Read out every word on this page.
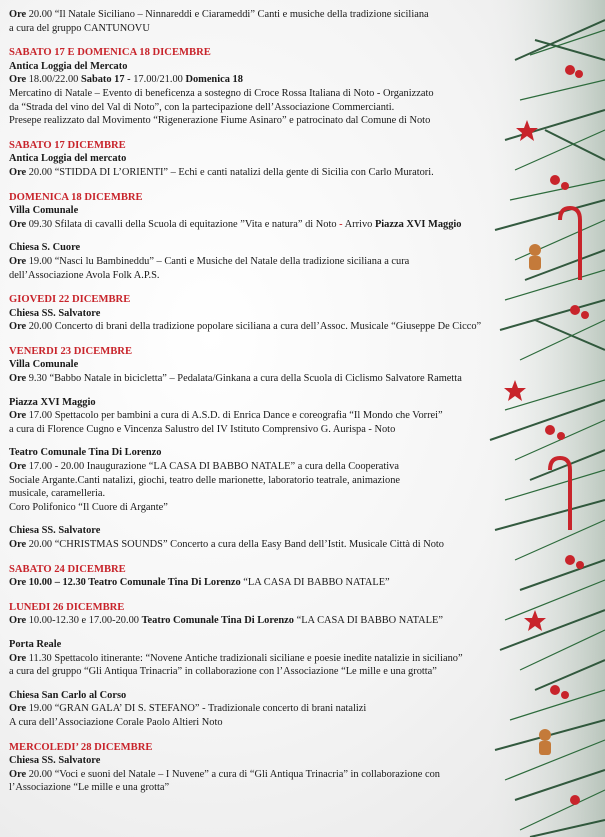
Ore 20.00 “Il Natale Siciliano – Ninnareddi e Ciarameddi” Canti e musiche della tradizione siciliana
a cura del gruppo CANTUNOVU
SABATO 17 E DOMENICA 18 DICEMBRE
Antica Loggia del Mercato
Ore 18.00/22.00 Sabato 17 - 17.00/21.00 Domenica 18
Mercatino di Natale – Evento di beneficenza a sostegno di Croce Rossa Italiana di Noto - Organizzato
da “Strada del vino del Val di Noto”, con la partecipazione dell’Associazione Commercianti.
Presepe realizzato dal Movimento “Rigenerazione Fiume Asinaro” e patrocinato dal Comune di Noto
SABATO 17 DICEMBRE
Antica Loggia del mercato
Ore 20.00 “STIDDA DI L’ORIENTI” – Echi e canti natalizi della gente di Sicilia con Carlo Muratori.
DOMENICA 18 DICEMBRE
Villa Comunale
Ore 09.30 Sfilata di cavalli della Scuola di equitazione ”Vita e natura” di Noto - Arrivo Piazza XVI Maggio
Chiesa S. Cuore
Ore 19.00 “Nasci lu Bambineddu” – Canti e Musiche del Natale della tradizione siciliana a cura
dell’Associazione Avola Folk A.P.S.
GIOVEDI 22 DICEMBRE
Chiesa SS. Salvatore
Ore 20.00 Concerto di brani della tradizione popolare siciliana a cura dell’Assoc. Musicale “Giuseppe De Cicco”
VENERDI 23 DICEMBRE
Villa Comunale
Ore 9.30 “Babbo Natale in bicicletta” – Pedalata/Ginkana a cura della Scuola di Ciclismo Salvatore Rametta
Piazza XVI Maggio
Ore 17.00 Spettacolo per bambini a cura di A.S.D. di Enrica Dance e coreografia “Il Mondo che Vorrei”
a cura di Florence Cugno e Vincenza Salustro del IV Istituto Comprensivo G. Aurispa - Noto
Teatro Comunale Tina Di Lorenzo
Ore 17.00 - 20.00 Inaugurazione “LA CASA DI BABBO NATALE” a cura della Cooperativa
Sociale Argante.Canti natalizi, giochi, teatro delle marionette, laboratorio teatrale, animazione
musicale, caramelleria.
Coro Polifonico “Il Cuore di Argante”
Chiesa SS. Salvatore
Ore 20.00 “CHRISTMAS SOUNDS” Concerto a cura della Easy Band dell’Istit. Musicale Città di Noto
SABATO 24 DICEMBRE
Ore 10.00 – 12.30 Teatro Comunale Tina Di Lorenzo “LA CASA DI BABBO NATALE”
LUNEDI 26 DICEMBRE
Ore 10.00-12.30 e 17.00-20.00 Teatro Comunale Tina Di Lorenzo “LA CASA DI BABBO NATALE”
Porta Reale
Ore 11.30 Spettacolo itinerante: “Novene Antiche tradizionali siciliane e poesie inedite natalizie in siciliano”
a cura del gruppo “Gli Antiqua Trinacria” in collaborazione con l’Associazione “Le mille e una grotta”
Chiesa San Carlo al Corso
Ore 19.00 “GRAN GALA’ DI S. STEFANO” - Tradizionale concerto di brani natalizi
A cura dell’Associazione Corale Paolo Altieri Noto
MERCOLEDI’ 28 DICEMBRE
Chiesa SS. Salvatore
Ore 20.00 “Voci e suoni del Natale – I Nuvene” a cura di “Gli Antiqua Trinacria” in collaborazione con
l’Associazione “Le mille e una grotta”
